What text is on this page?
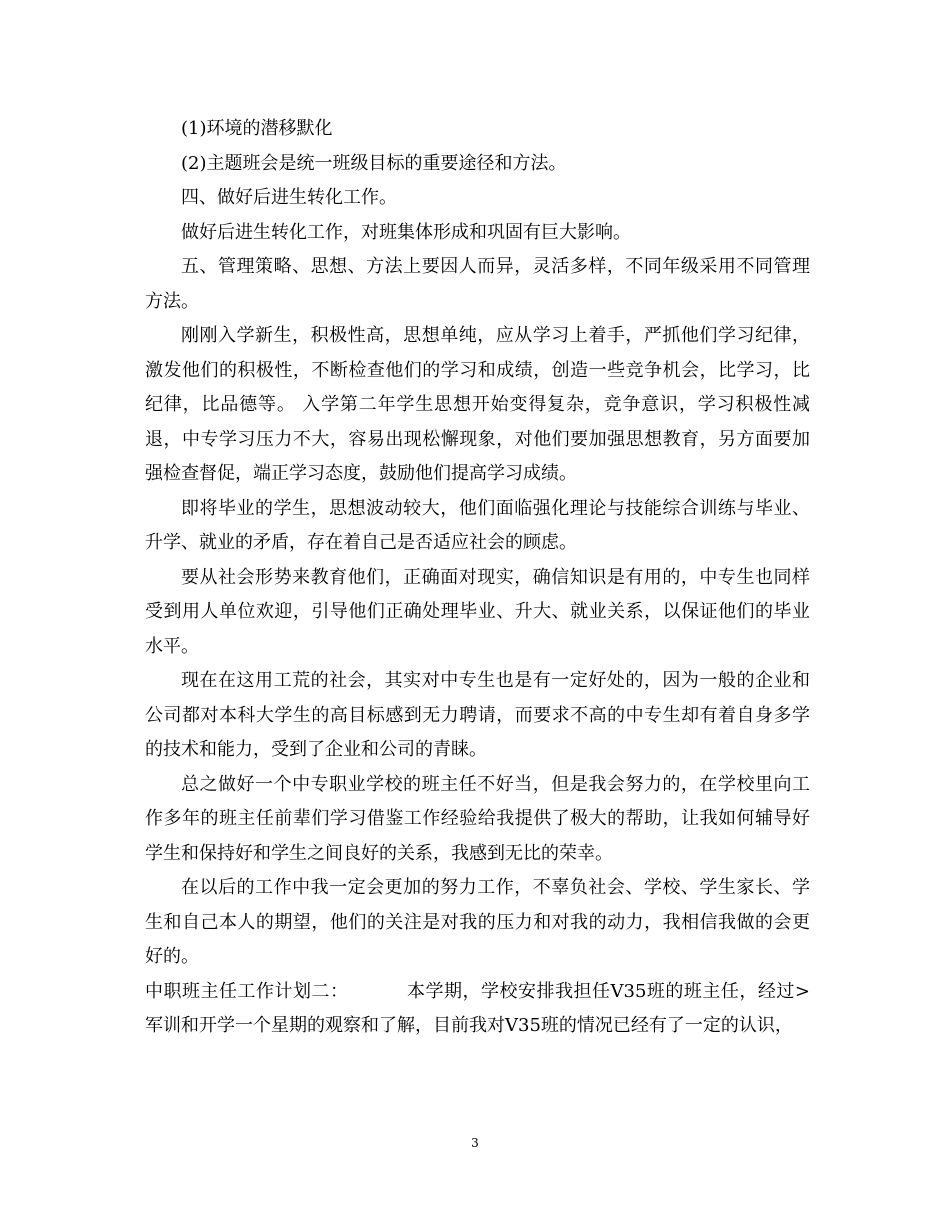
(1)环境的潜移默化

(2)主题班会是统一班级目标的重要途径和方法。

四、做好后进生转化工作。

做好后进生转化工作，对班集体形成和巩固有巨大影响。

五、管理策略、思想、方法上要因人而异，灵活多样，不同年级采用不同管理方法。

刚刚入学新生，积极性高，思想单纯，应从学习上着手，严抓他们学习纪律，激发他们的积极性，不断检查他们的学习和成绩，创造一些竞争机会，比学习，比纪律，比品德等。 入学第二年学生思想开始变得复杂，竞争意识，学习积极性减退，中专学习压力不大，容易出现松懈现象，对他们要加强思想教育，另方面要加强检查督促，端正学习态度，鼓励他们提高学习成绩。

即将毕业的学生，思想波动较大，他们面临强化理论与技能综合训练与毕业、升学、就业的矛盾，存在着自己是否适应社会的顾虑。

要从社会形势来教育他们，正确面对现实，确信知识是有用的，中专生也同样受到用人单位欢迎，引导他们正确处理毕业、升大、就业关系，以保证他们的毕业水平。

现在在这用工荒的社会，其实对中专生也是有一定好处的，因为一般的企业和公司都对本科大学生的高目标感到无力聘请，而要求不高的中专生却有着自身多学的技术和能力，受到了企业和公司的青睐。

总之做好一个中专职业学校的班主任不好当，但是我会努力的，在学校里向工作多年的班主任前辈们学习借鉴工作经验给我提供了极大的帮助，让我如何辅导好学生和保持好和学生之间良好的关系，我感到无比的荣幸。

在以后的工作中我一定会更加的努力工作，不辜负社会、学校、学生家长、学生和自己本人的期望，他们的关注是对我的压力和对我的动力，我相信我做的会更好的。

中职班主任工作计划二：	本学期，学校安排我担任V35班的班主任，经过>军训和开学一个星期的观察和了解，目前我对V35班的情况已经有了一定的认识，

3
